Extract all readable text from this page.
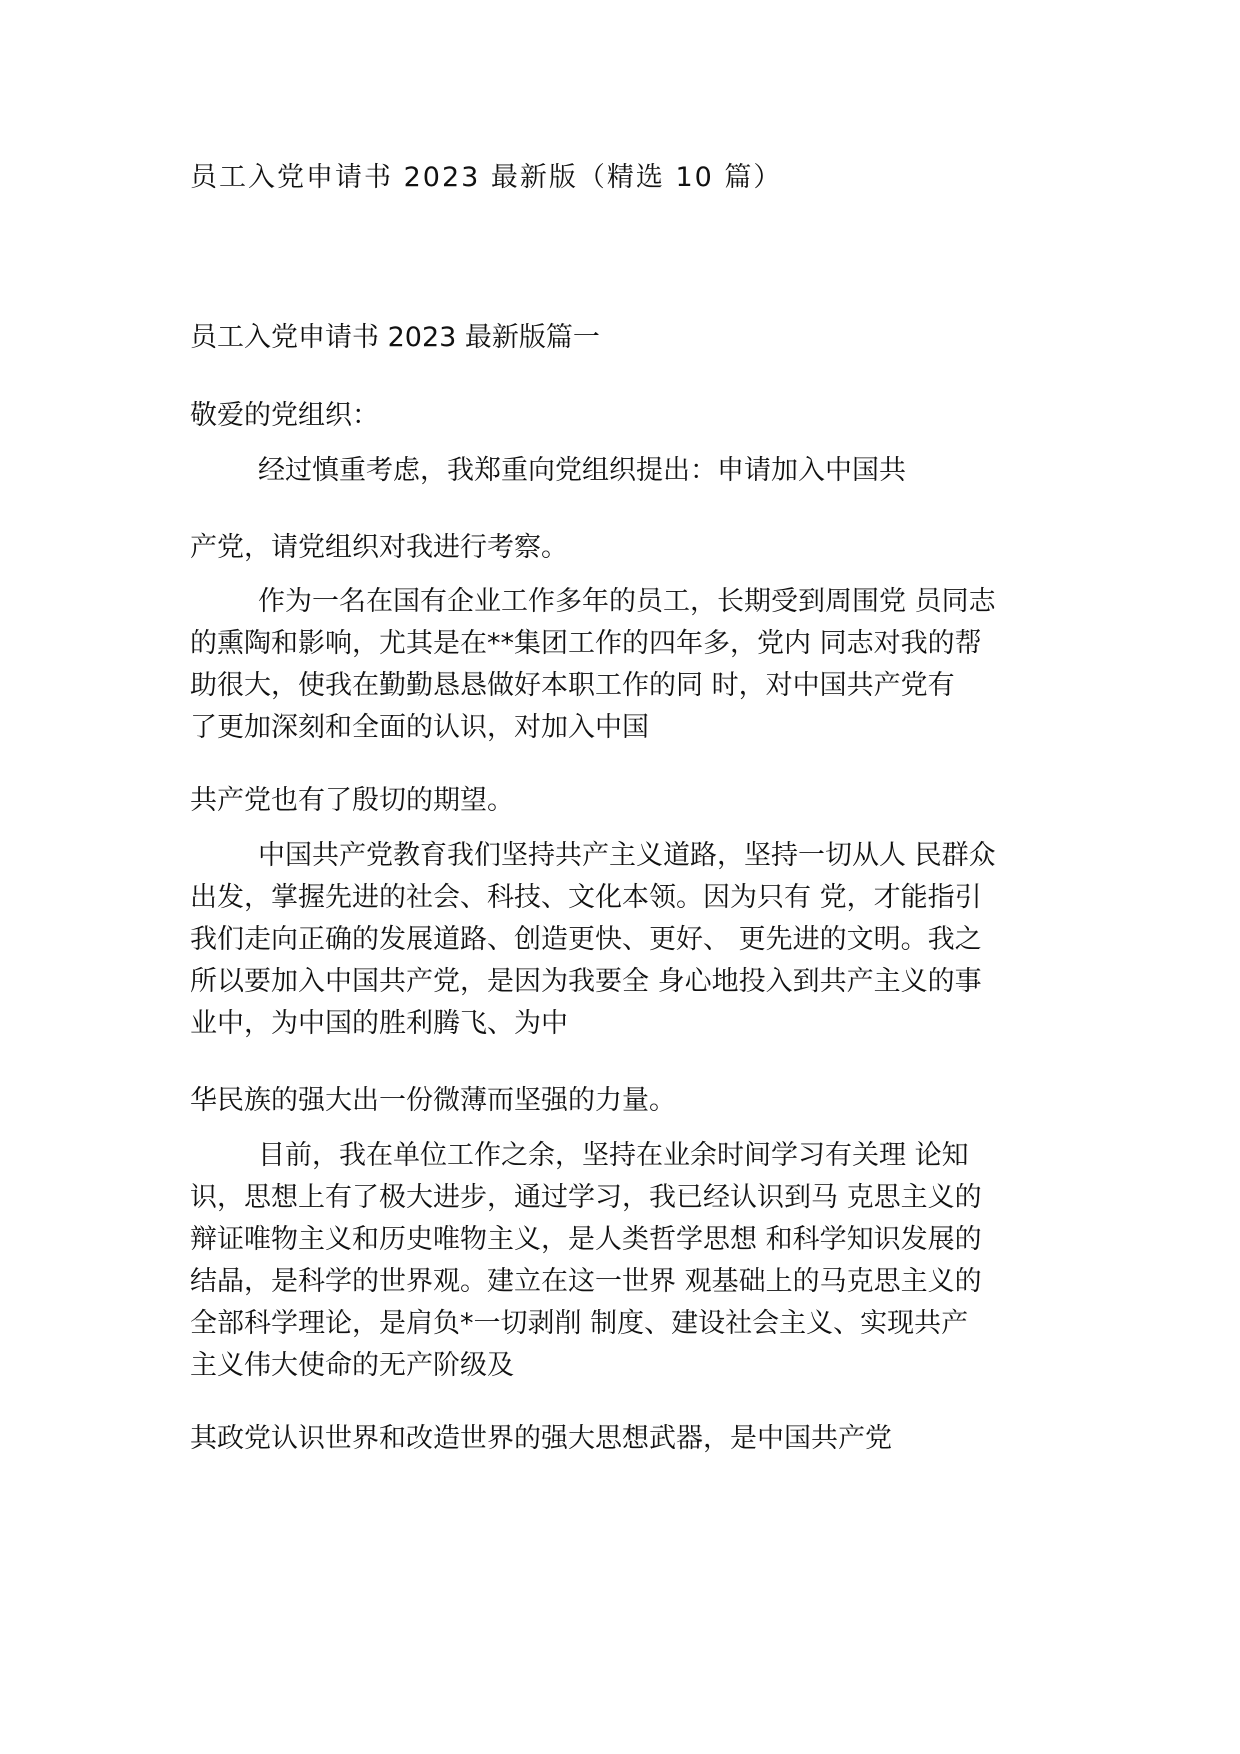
员工入党申请书 2023 最新版（精选 10 篇）
员工入党申请书 2023 最新版篇一
敬爱的党组织：
经过慎重考虑，我郑重向党组织提出：申请加入中国共
产党，请党组织对我进行考察。
作为一名在国有企业工作多年的员工，长期受到周围党 员同志
的熏陶和影响，尤其是在**集团工作的四年多，党内 同志对我的帮
助很大，使我在勤勤恳恳做好本职工作的同 时，对中国共产党有
了更加深刻和全面的认识，对加入中国
共产党也有了殷切的期望。
中国共产党教育我们坚持共产主义道路，坚持一切从人 民群众
出发，掌握先进的社会、科技、文化本领。因为只有 党，才能指引
我们走向正确的发展道路、创造更快、更好、 更先进的文明。我之
所以要加入中国共产党，是因为我要全 身心地投入到共产主义的事
业中，为中国的胜利腾飞、为中
华民族的强大出一份微薄而坚强的力量。
目前，我在单位工作之余，坚持在业余时间学习有关理 论知
识，思想上有了极大进步，通过学习，我已经认识到马 克思主义的
辩证唯物主义和历史唯物主义，是人类哲学思想 和科学知识发展的
结晶，是科学的世界观。建立在这一世界 观基础上的马克思主义的
全部科学理论，是肩负*一切剥削 制度、建设社会主义、实现共产
主义伟大使命的无产阶级及
其政党认识世界和改造世界的强大思想武器，是中国共产党
